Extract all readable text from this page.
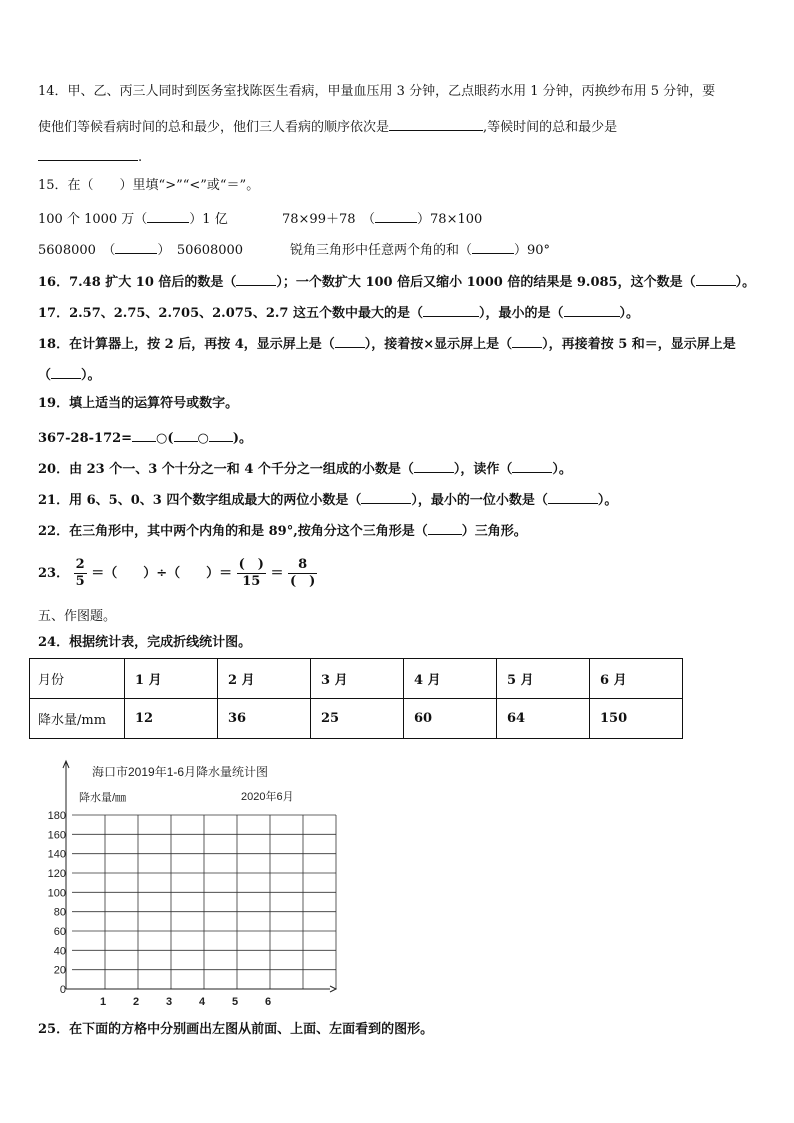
14．甲、乙、丙三人同时到医务室找陈医生看病，甲量血压用 3 分钟，乙点眼药水用 1 分钟，丙换纱布用 5 分钟，要
使他们等候看病时间的总和最少，他们三人看病的顺序依次是	,等候时间的总和最少是
.
15．在（　　）里填“>”“<”或“＝”。
100 个 1000 万（	）1 亿	78×99＋78　（	）78×100
5608000　（	）　50608000	锐角三角形中任意两个角的和（	）90°
16．7.48 扩大 10 倍后的数是（	）；一个数扩大 100 倍后又缩小 1000 倍的结果是 9.085，这个数是（	）。
17．2.57、2.75、2.705、2.075、2.7 这五个数中最大的是（	），最小的是（	）。
18．在计算器上，按 2 后，再按 4，显示屏上是（ ），接着按×显示屏上是（ ），再接着按 5 和＝，显示屏上是
（ ）。
19．填上适当的运算符号或数字。
367-28-172= ○( ○ )。
20．由 23 个一、3 个十分之一和 4 个千分之一组成的小数是（	），读作（	）。
21．用 6、5、0、3 四个数字组成最大的两位小数是（	），最小的一位小数是（	）。
22．在三角形中，其中两个内角的和是 89°,按角分这个三角形是（	）三角形。
23． $\frac{2}{5}$ ＝（　　）÷（　　）＝ $\frac{( )}{15} = \frac{8}{( )}$
五、作图题。
24．根据统计表，完成折线统计图。
月份	1 月	2 月	3 月	4 月	5 月	6 月
降水量/mm	12	36	25	60	64	150
海口市2019年1-6月降水量统计图
降水量/㎜	2020年6月
0
20
40
60
80
100
120
140
160
180
1 2 3 4 5 6
25．在下面的方格中分别画出左图从前面、上面、左面看到的图形。
